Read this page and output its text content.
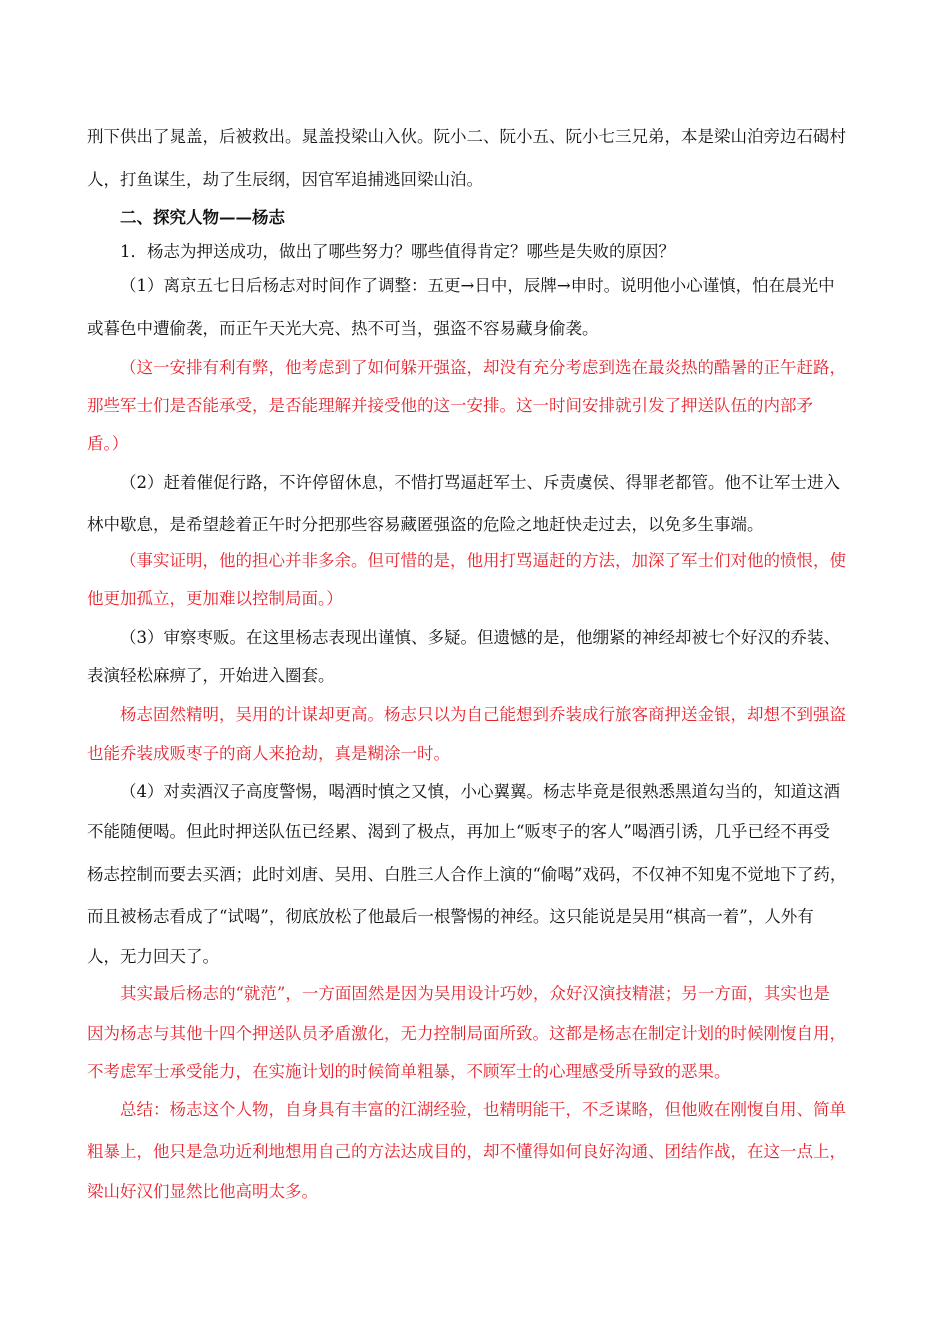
刑下供出了晁盖，后被救出。晁盖投梁山入伙。阮小二、阮小五、阮小七三兄弟，本是梁山泊旁边石碣村
人，打鱼谋生，劫了生辰纲，因官军追捕逃回梁山泊。
二、探究人物——杨志
1．杨志为押送成功，做出了哪些努力？哪些值得肯定？哪些是失败的原因？
（1）离京五七日后杨志对时间作了调整：五更→日中，辰牌→申时。说明他小心谨慎，怕在晨光中
或暮色中遭偷袭，而正午天光大亮、热不可当，强盗不容易藏身偷袭。
（这一安排有利有弊，他考虑到了如何躲开强盗，却没有充分考虑到选在最炎热的酷暑的正午赶路，
那些军士们是否能承受，是否能理解并接受他的这一安排。这一时间安排就引发了押送队伍的内部矛
盾。）
（2）赶着催促行路，不许停留休息，不惜打骂逼赶军士、斥责虞侯、得罪老都管。他不让军士进入
林中歇息，是希望趁着正午时分把那些容易藏匿强盗的危险之地赶快走过去，以免多生事端。
（事实证明，他的担心并非多余。但可惜的是，他用打骂逼赶的方法，加深了军士们对他的愤恨，使
他更加孤立，更加难以控制局面。）
（3）审察枣贩。在这里杨志表现出谨慎、多疑。但遗憾的是，他绷紧的神经却被七个好汉的乔装、
表演轻松麻痹了，开始进入圈套。
杨志固然精明，吴用的计谋却更高。杨志只以为自己能想到乔装成行旅客商押送金银，却想不到强盗
也能乔装成贩枣子的商人来抢劫，真是糊涂一时。
（4）对卖酒汉子高度警惕，喝酒时慎之又慎，小心翼翼。杨志毕竟是很熟悉黑道勾当的，知道这酒
不能随便喝。但此时押送队伍已经累、渴到了极点，再加上“贩枣子的客人”喝酒引诱，几乎已经不再受
杨志控制而要去买酒；此时刘唐、吴用、白胜三人合作上演的“偷喝”戏码，不仅神不知鬼不觉地下了药，
而且被杨志看成了“试喝”，彻底放松了他最后一根警惕的神经。这只能说是吴用“棋高一着”，人外有
人，无力回天了。
其实最后杨志的“就范”，一方面固然是因为吴用设计巧妙，众好汉演技精湛；另一方面，其实也是
因为杨志与其他十四个押送队员矛盾激化，无力控制局面所致。这都是杨志在制定计划的时候刚愎自用，
不考虑军士承受能力，在实施计划的时候简单粗暴，不顾军士的心理感受所导致的恶果。
总结：杨志这个人物，自身具有丰富的江湖经验，也精明能干，不乏谋略，但他败在刚愎自用、简单
粗暴上，他只是急功近利地想用自己的方法达成目的，却不懂得如何良好沟通、团结作战，在这一点上，
梁山好汉们显然比他高明太多。
